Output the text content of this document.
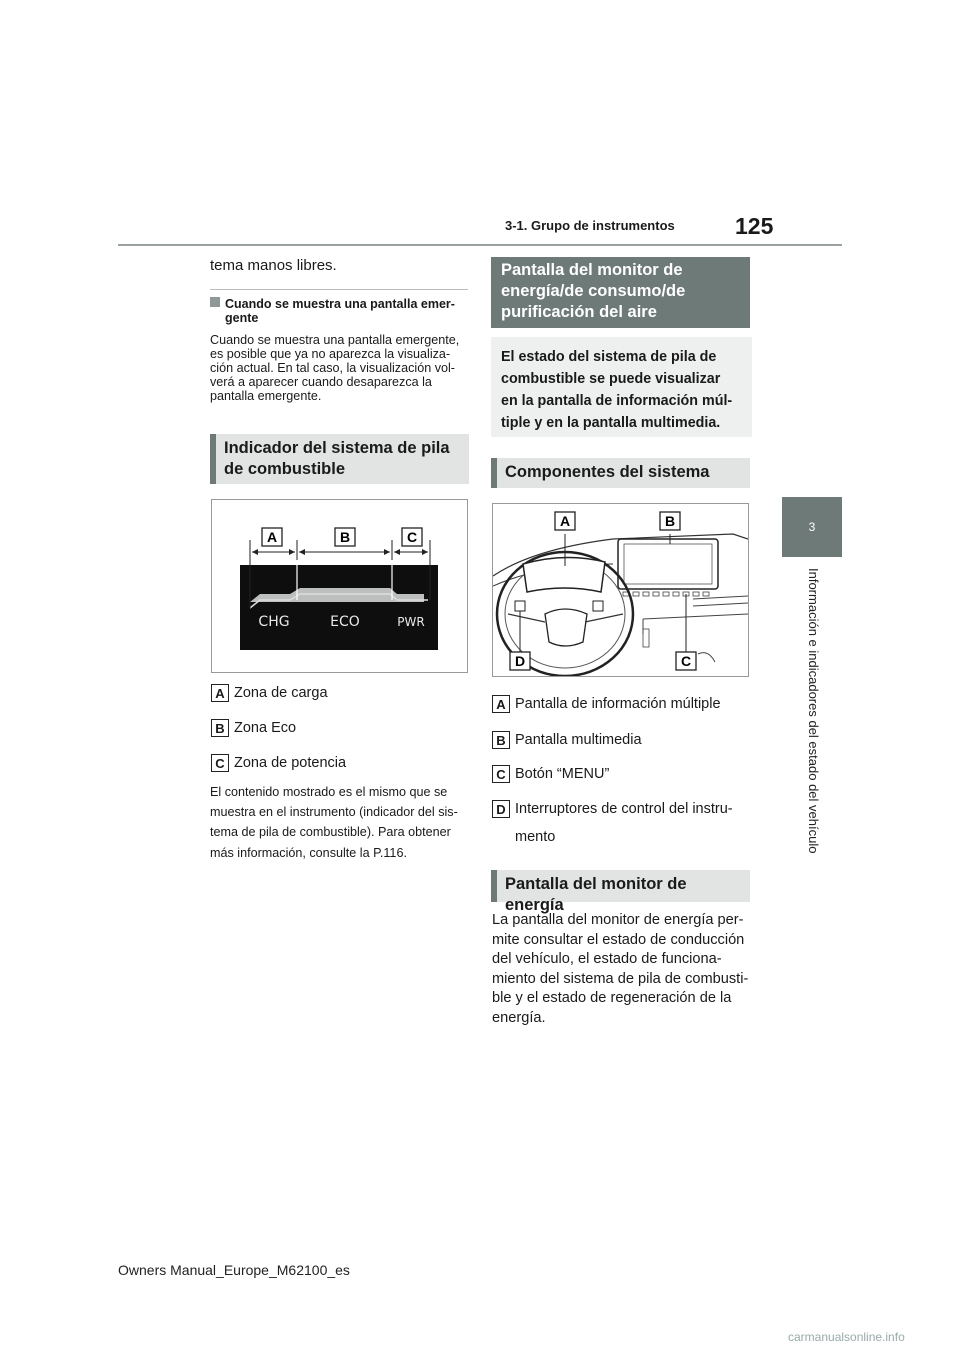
3-1. Grupo de instrumentos	125
3
Información e indicadores del estado del vehículo
tema manos libres.
Cuando se muestra una pantalla emer-
gente
Cuando se muestra una pantalla emergente,
es posible que ya no aparezca la visualiza-
ción actual. En tal caso, la visualización vol-
verá a aparecer cuando desaparezca la
pantalla emergente.
Indicador del sistema de pila
de combustible
A	B	C
CHG	ECO	PWR
A Zona de carga
B Zona Eco
C Zona de potencia
El contenido mostrado es el mismo que se
muestra en el instrumento (indicador del sis-
tema de pila de combustible). Para obtener
más información, consulte la P.116.
Pantalla del monitor de
energía/de consumo/de
purificación del aire
El estado del sistema de pila de
combustible se puede visualizar
en la pantalla de información múl-
tiple y en la pantalla multimedia.
Componentes del sistema
A	B
D	C
A Pantalla de información múltiple
B Pantalla multimedia
C Botón “MENU”
D Interruptores de control del instru-
mento
Pantalla del monitor de energía
La pantalla del monitor de energía per-
mite consultar el estado de conducción
del vehículo, el estado de funciona-
miento del sistema de pila de combusti-
ble y el estado de regeneración de la
energía.
Owners Manual_Europe_M62100_es
carmanualsonline.info
